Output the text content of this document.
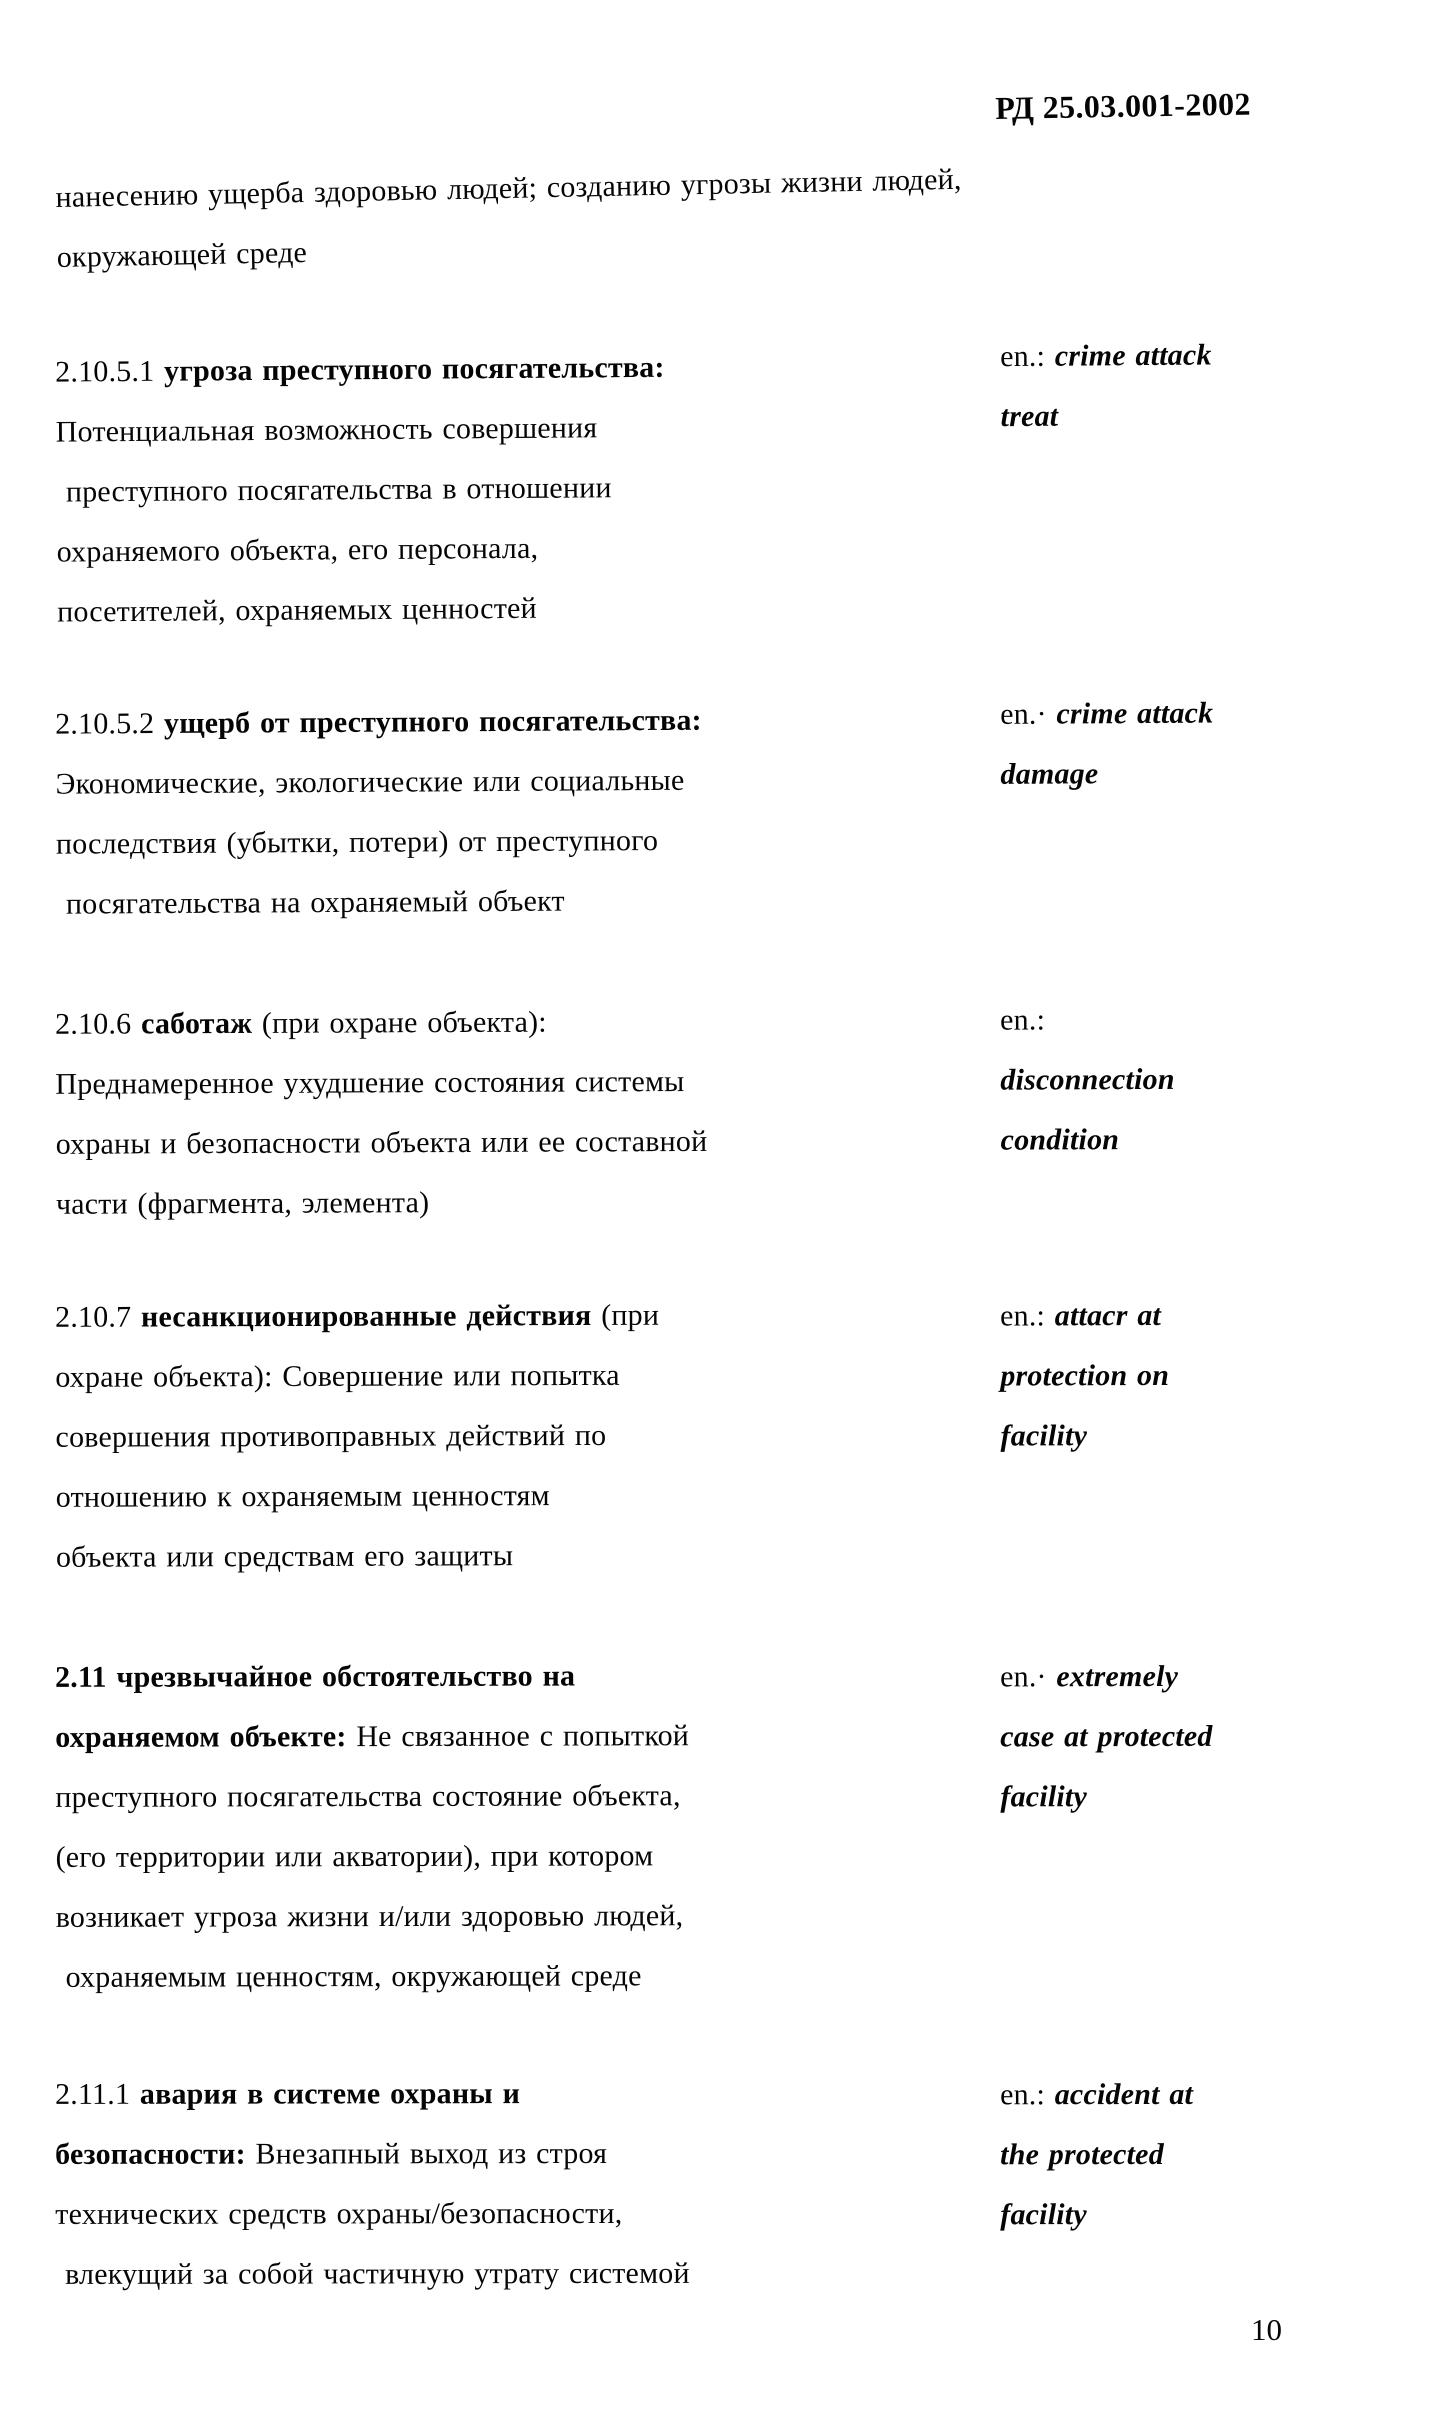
РД 25.03.001-2002
нанесению ущерба здоровью людей; созданию угрозы жизни людей,
окружающей среде
2.10.5.1 угроза преступного посягательства:
Потенциальная возможность совершения
преступного посягательства в отношении
охраняемого объекта, его персонала,
посетителей, охраняемых ценностей
en.: crime attack
treat
2.10.5.2 ущерб от преступного посягательства:
Экономические, экологические или социальные
последствия (убытки, потери) от преступного
посягательства на охраняемый объект
en.· crime attack
damage
2.10.6 саботаж (при охране объекта):
Преднамеренное ухудшение состояния системы
охраны и безопасности объекта или ее составной
части (фрагмента, элемента)
en.:
disconnection
condition
2.10.7 несанкционированные действия (при
охране объекта): Совершение или попытка
совершения противоправных действий по
отношению к охраняемым ценностям
объекта или средствам его защиты
en.: attacr at
protection on
facility
2.11 чрезвычайное обстоятельство на
охраняемом объекте: Не связанное с попыткой
преступного посягательства состояние объекта,
(его территории или акватории), при котором
возникает угроза жизни и/или здоровью людей,
охраняемым ценностям, окружающей среде
en.· extremely
case at protected
facility
2.11.1 авария в системе охраны и
безопасности: Внезапный выход из строя
технических средств охраны/безопасности,
влекущий за собой частичную утрату системой
en.: accident at
the protected
facility
10
